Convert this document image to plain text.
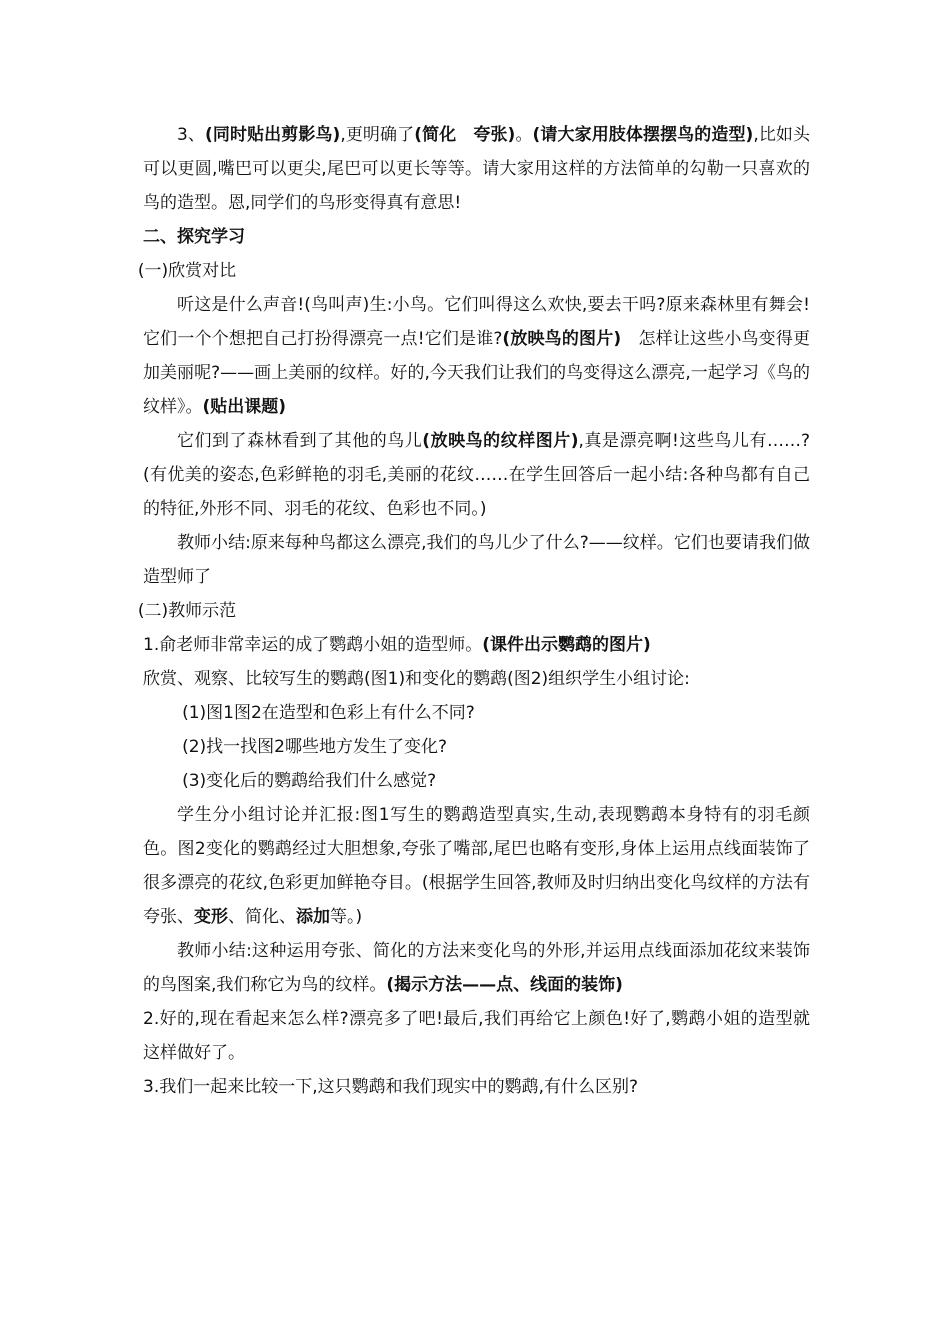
3、(同时贴出剪影鸟),更明确了(简化　夸张)。(请大家用肢体摆摆鸟的造型),比如头可以更圆,嘴巴可以更尖,尾巴可以更长等等。请大家用这样的方法简单的勾勒一只喜欢的鸟的造型。恩,同学们的鸟形变得真有意思!

二、探究学习

(一)欣赏对比

听这是什么声音!(鸟叫声)生:小鸟。它们叫得这么欢快,要去干吗?原来森林里有舞会!它们一个个想把自己打扮得漂亮一点!它们是谁?(放映鸟的图片)　怎样让这些小鸟变得更加美丽呢?——画上美丽的纹样。好的,今天我们让我们的鸟变得这么漂亮,一起学习《鸟的纹样》。(贴出课题)

它们到了森林看到了其他的鸟儿(放映鸟的纹样图片),真是漂亮啊!这些鸟儿有……?(有优美的姿态,色彩鲜艳的羽毛,美丽的花纹……在学生回答后一起小结:各种鸟都有自己的特征,外形不同、羽毛的花纹、色彩也不同。)

教师小结:原来每种鸟都这么漂亮,我们的鸟儿少了什么?——纹样。它们也要请我们做造型师了

(二)教师示范

1.俞老师非常幸运的成了鹦鹉小姐的造型师。(课件出示鹦鹉的图片)

欣赏、观察、比较写生的鹦鹉(图1)和变化的鹦鹉(图2)组织学生小组讨论:

(1)图1图2在造型和色彩上有什么不同?

(2)找一找图2哪些地方发生了变化?

(3)变化后的鹦鹉给我们什么感觉?

学生分小组讨论并汇报:图1写生的鹦鹉造型真实,生动,表现鹦鹉本身特有的羽毛颜色。图2变化的鹦鹉经过大胆想象,夸张了嘴部,尾巴也略有变形,身体上运用点线面装饰了很多漂亮的花纹,色彩更加鲜艳夺目。(根据学生回答,教师及时归纳出变化鸟纹样的方法有夸张、变形、简化、添加等。)

教师小结:这种运用夸张、简化的方法来变化鸟的外形,并运用点线面添加花纹来装饰的鸟图案,我们称它为鸟的纹样。(揭示方法——点、线面的装饰)

2.好的,现在看起来怎么样?漂亮多了吧!最后,我们再给它上颜色!好了,鹦鹉小姐的造型就这样做好了。

3.我们一起来比较一下,这只鹦鹉和我们现实中的鹦鹉,有什么区别?
